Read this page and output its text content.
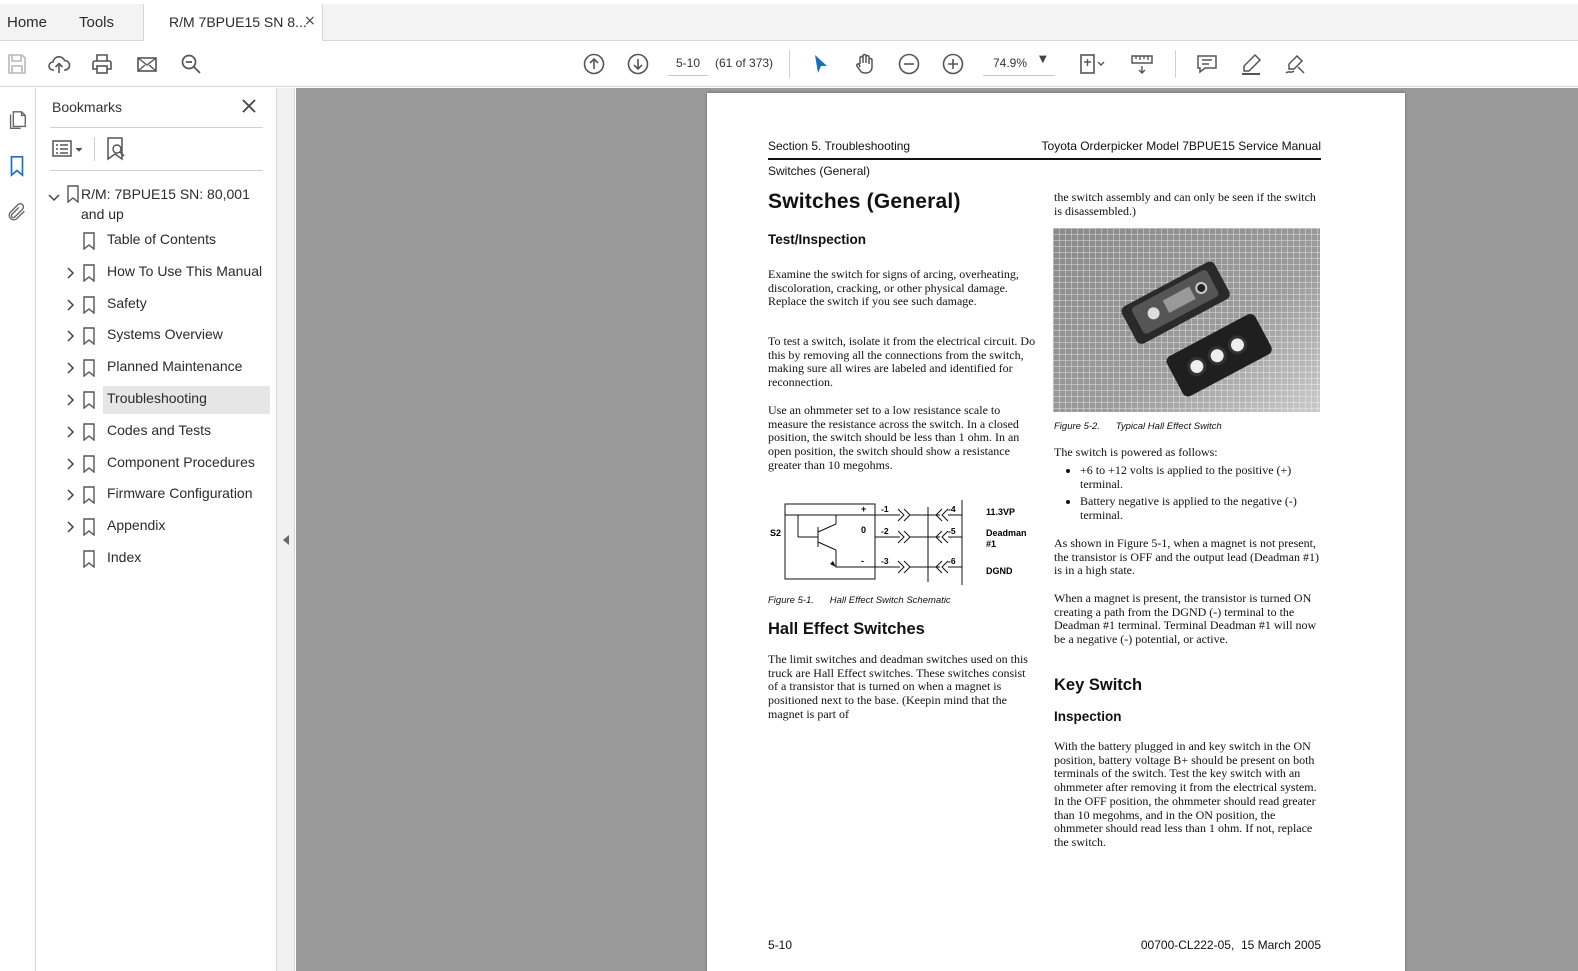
Home Tools	R/M 7BPUE15 SN 8...
×
5-10
(61 of 373)	74.9% ▼
Bookmarks
R/M: 7BPUE15 SN: 80,001 and up
Table of Contents
How To Use This Manual
Safety
Systems Overview
Planned Maintenance
Troubleshooting
Codes and Tests
Component Procedures
Firmware Configuration
Appendix
Index
Section 5. Troubleshooting	Toyota Orderpicker Model 7BPUE15 Service Manual
Switches (General)
Switches (General)
Test/Inspection

Examine the switch for signs of arcing, overheating, discoloration, cracking, or other physical damage. Replace the switch if you see such damage.

To test a switch, isolate it from the electrical circuit. Do this by removing all the connections from the switch, making sure all wires are labeled and identified for reconnection.

Use an ohmmeter set to a low resistance scale to measure the resistance across the switch. In a closed position, the switch should be less than 1 ohm. In an open position, the switch should show a resistance greater than 10 megohms.

S2
+
0
-
-1
-2
-3
-4
-5
-6
11.3VP
Deadman
#1
DGND
Figure 5-1.      Hall Effect Switch Schematic
Hall Effect Switches

The limit switches and deadman switches used on this truck are Hall Effect switches. These switches consist of a transistor that is turned on when a magnet is positioned next to the base. (Keepin mind that the magnet is part of

the switch assembly and can only be seen if the switch is disassembled.)

Figure 5-2.      Typical Hall Effect Switch

The switch is powered as follows:

• +6 to +12 volts is applied to the positive (+) terminal.
• Battery negative is applied to the negative (-) terminal.

As shown in Figure 5-1, when a magnet is not present, the transistor is OFF and the output lead (Deadman #1) is in a high state.

When a magnet is present, the transistor is turned ON creating a path from the DGND (-) terminal to the Deadman #1 terminal. Terminal Deadman #1 will now be a negative (-) potential, or active.

Key Switch
Inspection

With the battery plugged in and key switch in the ON position, battery voltage B+ should be present on both terminals of the switch. Test the key switch with an ohmmeter after removing it from the electrical system. In the OFF position, the ohmmeter should read greater than 10 megohms, and in the ON position, the ohmmeter should read less than 1 ohm. If not, replace the switch.

5-10	00700-CL222-05,  15 March 2005
